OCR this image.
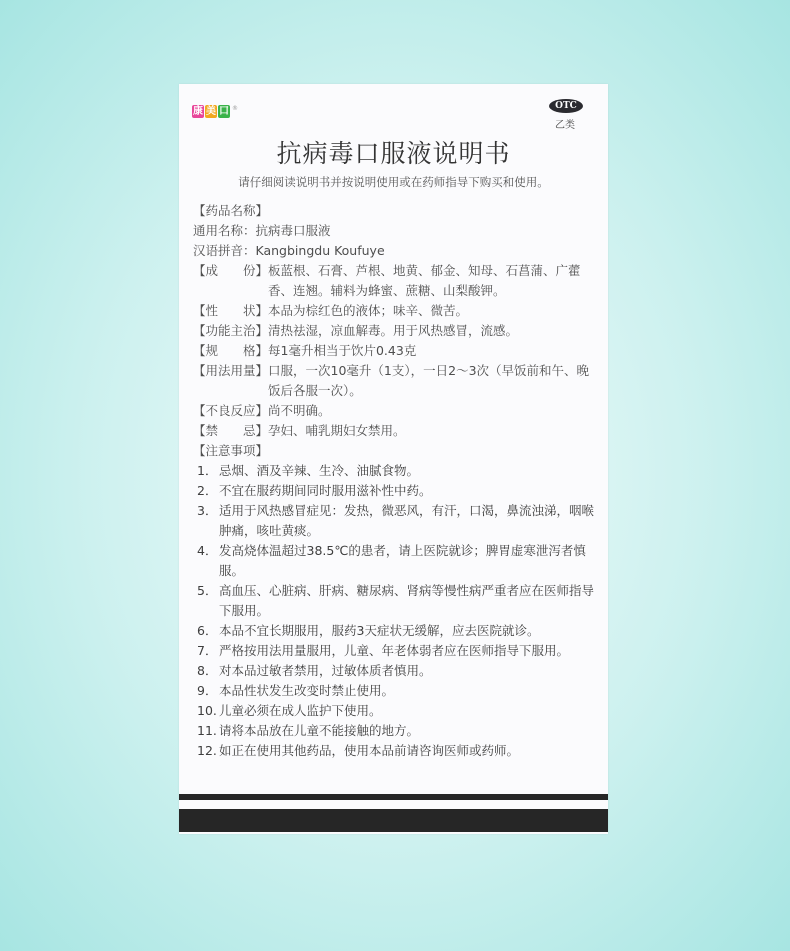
康 美 口 ®	OTC
乙类
抗病毒口服液说明书
请仔细阅读说明书并按说明使用或在药师指导下购买和使用。
【药品名称】
通用名称：抗病毒口服液
汉语拼音：Kangbingdu Koufuye
【成　　份】 板蓝根、石膏、芦根、地黄、郁金、知母、石菖蒲、广藿香、连翘。辅料为蜂蜜、蔗糖、山梨酸钾。
【性　　状】 本品为棕红色的液体；味辛、微苦。
【功能主治】 清热祛湿，凉血解毒。用于风热感冒，流感。
【规　　格】 每1毫升相当于饮片0.43克
【用法用量】 口服，一次10毫升（1支），一日2～3次（早饭前和午、晚饭后各服一次）。
【不良反应】 尚不明确。
【禁　　忌】 孕妇、哺乳期妇女禁用。
【注意事项】
1． 忌烟、酒及辛辣、生冷、油腻食物。
2． 不宜在服药期间同时服用滋补性中药。
3． 适用于风热感冒症见：发热，微恶风，有汗，口渴，鼻流浊涕，咽喉肿痛，咳吐黄痰。
4． 发高烧体温超过38.5℃的患者，请上医院就诊；脾胃虚寒泄泻者慎服。
5． 高血压、心脏病、肝病、糖尿病、肾病等慢性病严重者应在医师指导下服用。
6． 本品不宜长期服用，服药3天症状无缓解，应去医院就诊。
7． 严格按用法用量服用，儿童、年老体弱者应在医师指导下服用。
8． 对本品过敏者禁用，过敏体质者慎用。
9． 本品性状发生改变时禁止使用。
10. 儿童必须在成人监护下使用。
11. 请将本品放在儿童不能接触的地方。
12. 如正在使用其他药品，使用本品前请咨询医师或药师。
